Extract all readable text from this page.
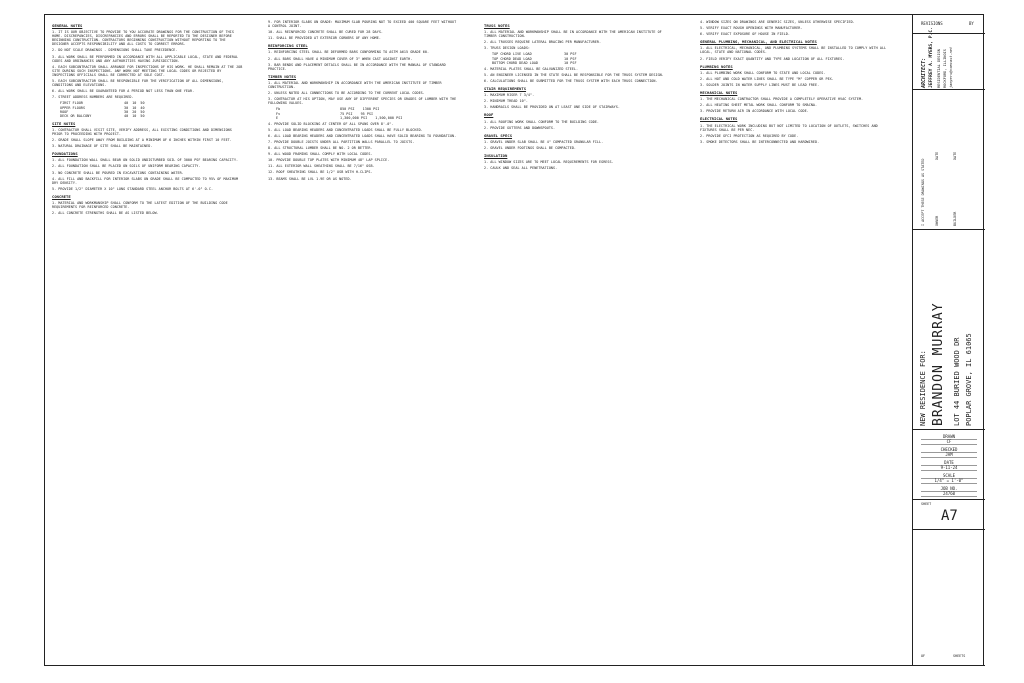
GENERAL NOTES

1. IT IS OUR OBJECTIVE TO PROVIDE TO YOU ACCURATE DRAWINGS FOR THE CONSTRUCTION OF THIS HOME. DISCREPANCIES, DISCREPANCIES AND ERRORS SHALL BE REPORTED TO THE DESIGNER BEFORE BEGINNING CONSTRUCTION. CONTRACTORS BEGINNING CONSTRUCTION WITHOUT REPORTING TO THE DESIGNER ACCEPTS RESPONSIBILITY AND ALL COSTS TO CORRECT ERRORS.

2. DO NOT SCALE DRAWINGS - DIMENSIONS SHALL TAKE PRECEDENCE.

3. ALL WORK SHALL BE PERFORMED IN ACCORDANCE WITH ALL APPLICABLE LOCAL, STATE AND FEDERAL CODES AND ORDINANCES AND ANY AUTHORITIES HAVING JURISDICTION.

4. EACH SUBCONTRACTOR SHALL ARRANGE FOR INSPECTIONS OF HIS WORK. HE SHALL REMAIN AT THE JOB SITE DURING SUCH INSPECTIONS. ANY WORK NOT MEETING THE LOCAL CODES OR REJECTED BY INSPECTIONS OFFICIALS SHALL BE CORRECTED AT SOLE COST.

5. EACH SUBCONTRACTOR SHALL BE RESPONSIBLE FOR THE VERIFICATION OF ALL DIMENSIONS, CONDITIONS AND ELEVATIONS.

6. ALL WORK SHALL BE GUARANTEED FOR A PERIOD NOT LESS THAN ONE YEAR.

7. STREET ADDRESS NUMBERS ARE REQUIRED.

FIRST FLOOR	40 10 50
UPPER FLOORS	30 10 40
ROOF	30 20 50
DECK OR BALCONY	40 10 50
SITE NOTES

1. CONTRACTOR SHALL VISIT SITE, VERIFY ADDRESS, ALL EXISTING CONDITIONS AND DIMENSIONS PRIOR TO PROCEEDING WITH PROJECT.

2. GRADE SHALL SLOPE AWAY FROM BUILDING AT A MINIMUM OF 6 INCHES WITHIN FIRST 10 FEET.

3. NATURAL DRAINAGE OF SITE SHALL BE MAINTAINED.

FOUNDATIONS

1. ALL FOUNDATION WALL SHALL BEAR ON SOLID UNDISTURBED SOIL OF 3000 PSF BEARING CAPACITY.

2. ALL FOUNDATION SHALL BE PLACED ON SOILS OF UNIFORM BEARING CAPACITY.

3. NO CONCRETE SHALL BE POURED IN EXCAVATIONS CONTAINING WATER.

4. ALL FILL AND BACKFILL FOR INTERIOR SLABS ON GRADE SHALL BE COMPACTED TO 95% OF MAXIMUM DRY DENSITY.

5. PROVIDE 1/2" DIAMETER X 10" LONG STANDARD STEEL ANCHOR BOLTS AT 6'-0" O.C.

CONCRETE

1. MATERIAL AND WORKMANSHIP SHALL CONFORM TO THE LATEST EDITION OF THE BUILDING CODE REQUIREMENTS FOR REINFORCED CONCRETE.

2. ALL CONCRETE STRENGTHS SHALL BE AS LISTED BELOW.

9. FOR INTERIOR SLABS ON GRADE: MAXIMUM SLAB POURING NOT TO EXCEED 400 SQUARE FEET WITHOUT A CONTROL JOINT.

10. ALL REINFORCED CONCRETE SHALL BE CURED FOR 28 DAYS.

11. SHALL BE PROVIDED AT EXTERIOR CORNERS OF ANY HOME.

REINFORCING STEEL

1. REINFORCING STEEL SHALL BE DEFORMED BARS CONFORMING TO ASTM A615 GRADE 60.

2. ALL BARS SHALL HAVE A MINIMUM COVER OF 3" WHEN CAST AGAINST EARTH.

3. BAR BENDS AND PLACEMENT DETAILS SHALL BE IN ACCORDANCE WITH THE MANUAL OF STANDARD PRACTICE.

TIMBER NOTES

1. ALL MATERIAL AND WORKMANSHIP IN ACCORDANCE WITH THE AMERICAN INSTITUTE OF TIMBER CONSTRUCTION.

2. UNLESS NOTED ALL CONNECTIONS TO BE ACCORDING TO THE CURRENT LOCAL CODES.

3. CONTRACTOR AT HIS OPTION, MAY USE ANY OF DIFFERENT SPECIES OR GRADES OF LUMBER WITH THE FOLLOWING VALUES.

Fb	850 PSI 1300 PSI
Fv	75 PSI 95 PSI
E	1,300,000 PSI 1,500,000 PSI

4. PROVIDE SOLID BLOCKING AT CENTER OF ALL SPANS OVER 8'-0".

5. ALL LOAD BEARING HEADERS AND CONCENTRATED LOADS SHALL BE FULLY BLOCKED.

6. ALL LOAD BEARING HEADERS AND CONCENTRATED LOADS SHALL HAVE SOLID BEARING TO FOUNDATION.

7. PROVIDE DOUBLE JOISTS UNDER ALL PARTITION WALLS PARALLEL TO JOISTS.

8. ALL STRUCTURAL LUMBER SHALL BE NO. 2 OR BETTER.

9. ALL WOOD FRAMING SHALL COMPLY WITH LOCAL CODES.

10. PROVIDE DOUBLE TOP PLATES WITH MINIMUM 48" LAP SPLICE.

11. ALL EXTERIOR WALL SHEATHING SHALL BE 7/16" OSB.

12. ROOF SHEATHING SHALL BE 1/2" OSB WITH H-CLIPS.

13. BEAMS SHALL BE LVL 1.9E OR AS NOTED.

TRUSS NOTES

1. ALL MATERIAL AND WORKMANSHIP SHALL BE IN ACCORDANCE WITH THE AMERICAN INSTITUTE OF TIMBER CONSTRUCTION.

2. ALL TRUSSES REQUIRE LATERAL BRACING PER MANUFACTURER.

3. TRUSS DESIGN LOADS:

TOP CHORD LIVE LOAD	30 PSF
TOP CHORD DEAD LOAD	10 PSF
BOTTOM CHORD DEAD LOAD	10 PSF

4. MATERIAL PLATES SHALL BE GALVANIZED STEEL.

5. AN ENGINEER LICENSED IN THE STATE SHALL BE RESPONSIBLE FOR THE TRUSS SYSTEM DESIGN.

6. CALCULATIONS SHALL BE SUBMITTED FOR THE TRUSS SYSTEM WITH EACH TRUSS CONNECTION.

STAIR REQUIREMENTS

1. MAXIMUM RISER 7 3/4".

2. MINIMUM TREAD 10".

3. HANDRAILS SHALL BE PROVIDED ON AT LEAST ONE SIDE OF STAIRWAYS.

ROOF

1. ALL ROOFING WORK SHALL CONFORM TO THE BUILDING CODE.

2. PROVIDE GUTTERS AND DOWNSPOUTS.

GRAVEL SPECS

1. GRAVEL UNDER SLAB SHALL BE 4" COMPACTED GRANULAR FILL.

2. GRAVEL UNDER FOOTINGS SHALL BE COMPACTED.

INSULATION

1. ALL WINDOW SIZES ARE TO MEET LOCAL REQUIREMENTS FOR EGRESS.

2. CAULK AND SEAL ALL PENETRATIONS.

4. WINDOW SIZES ON DRAWINGS ARE GENERIC SIZES, UNLESS OTHERWISE SPECIFIED.

5. VERIFY EXACT ROUGH OPENINGS WITH MANUFACTURER.

6. VERIFY EXACT EXPOSURE OF HOUSE IN FIELD.

GENERAL PLUMBING, MECHANICAL, AND ELECTRICAL NOTES

1. ALL ELECTRICAL, MECHANICAL, AND PLUMBING SYSTEMS SHALL BE INSTALLED TO COMPLY WITH ALL LOCAL, STATE AND NATIONAL CODES.

2. FIELD VERIFY EXACT QUANTITY AND TYPE AND LOCATION OF ALL FIXTURES.

PLUMBING NOTES

1. ALL PLUMBING WORK SHALL CONFORM TO STATE AND LOCAL CODES.

2. ALL HOT AND COLD WATER LINES SHALL BE TYPE "M" COPPER OR PEX.

3. SOLDER JOINTS IN WATER SUPPLY LINES MUST BE LEAD FREE.

MECHANICAL NOTES

1. THE MECHANICAL CONTRACTOR SHALL PROVIDE A COMPLETELY OPERATIVE HVAC SYSTEM.

2. ALL HEATING SHEET METAL WORK SHALL CONFORM TO SMACNA.

3. PROVIDE RETURN AIR IN ACCORDANCE WITH LOCAL CODE.

ELECTRICAL NOTES

1. THE ELECTRICAL WORK INCLUDING BUT NOT LIMITED TO LOCATION OF OUTLETS, SWITCHES AND FIXTURES SHALL BE PER NEC.

2. PROVIDE GFCI PROTECTION AS REQUIRED BY CODE.

3. SMOKE DETECTORS SHALL BE INTERCONNECTED AND HARDWIRED.

REVISIONS	BY
ARCHITECT: JEFFREY A. MYERS, P.C. RESIDENTIAL DESIGN ROCKFORD, ILLINOIS jamyers@comcast.net
I ACCEPT THESE DRAWINGS AS STATED	OWNER
DATE
BUILDER
DATE
NEW RESIDENCE FOR: BRANDON MURRAY LOT 44 BURIED WOOD DR POPLAR GROVE, IL 61065
DRAWN
CF
CHECKED
JAM
DATE
9-11-24
SCALE
1/4" = 1'-0"
JOB NO.
24760
SHEET
A7
OF	SHEETS
